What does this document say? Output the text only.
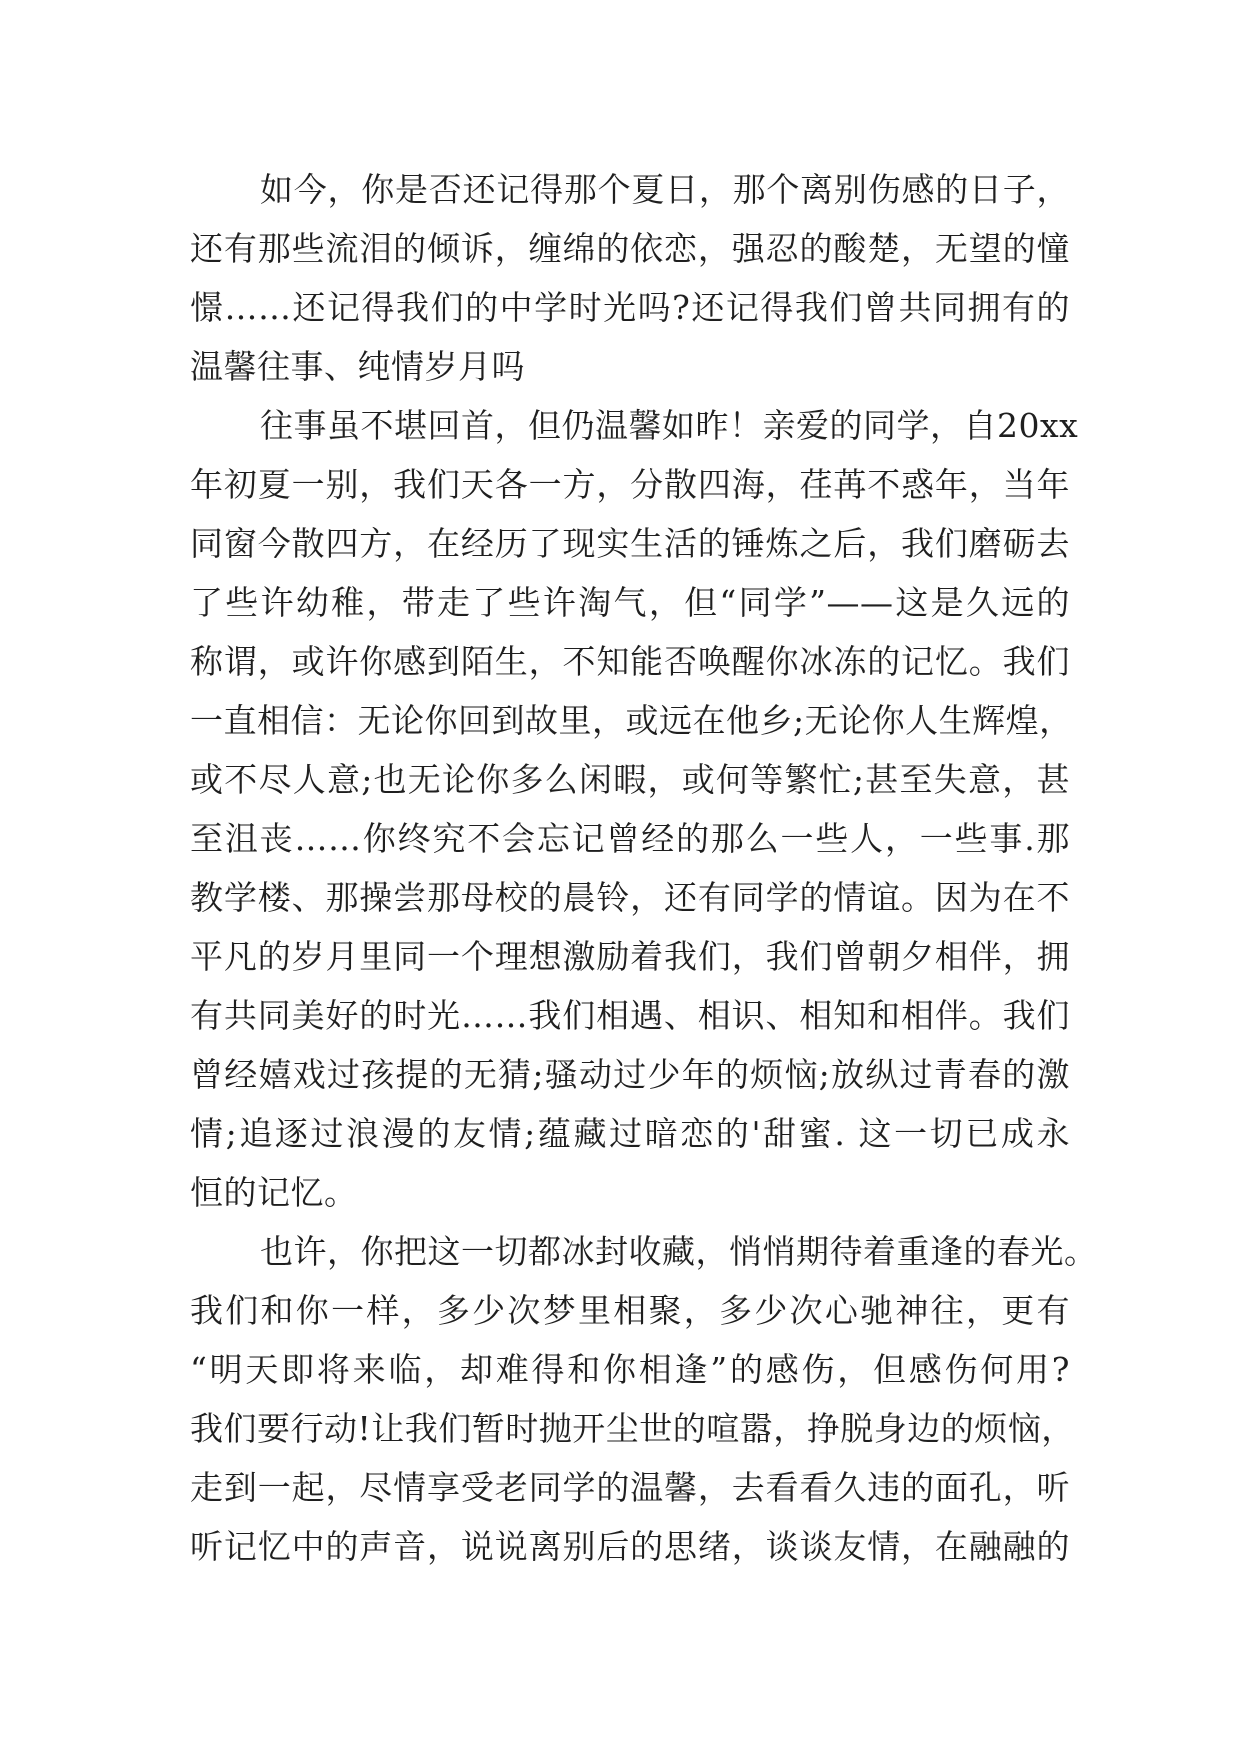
如今，你是否还记得那个夏日，那个离别伤感的日子，
还有那些流泪的倾诉，缠绵的依恋，强忍的酸楚，无望的憧
憬……还记得我们的中学时光吗?还记得我们曾共同拥有的
温馨往事、纯情岁月吗
往事虽不堪回首，但仍温馨如昨！亲爱的同学，自20xx
年初夏一别，我们天各一方，分散四海，荏苒不惑年，当年
同窗今散四方，在经历了现实生活的锤炼之后，我们磨砺去
了些许幼稚，带走了些许淘气，但“同学”——这是久远的
称谓，或许你感到陌生，不知能否唤醒你冰冻的记忆。我们
一直相信：无论你回到故里，或远在他乡;无论你人生辉煌，
或不尽人意;也无论你多么闲暇，或何等繁忙;甚至失意，甚
至沮丧……你终究不会忘记曾经的那么一些人，一些事.那
教学楼、那操尝那母校的晨铃，还有同学的情谊。因为在不
平凡的岁月里同一个理想激励着我们，我们曾朝夕相伴，拥
有共同美好的时光……我们相遇、相识、相知和相伴。我们
曾经嬉戏过孩提的无猜;骚动过少年的烦恼;放纵过青春的激
情;追逐过浪漫的友情;蕴藏过暗恋的'甜蜜. 这一切已成永
恒的记忆。
也许，你把这一切都冰封收藏，悄悄期待着重逢的春光。
我们和你一样，多少次梦里相聚，多少次心驰神往，更有
“明天即将来临，却难得和你相逢”的感伤，但感伤何用?
我们要行动!让我们暂时抛开尘世的喧嚣，挣脱身边的烦恼，
走到一起，尽情享受老同学的温馨，去看看久违的面孔，听
听记忆中的声音，说说离别后的思绪，谈谈友情，在融融的
